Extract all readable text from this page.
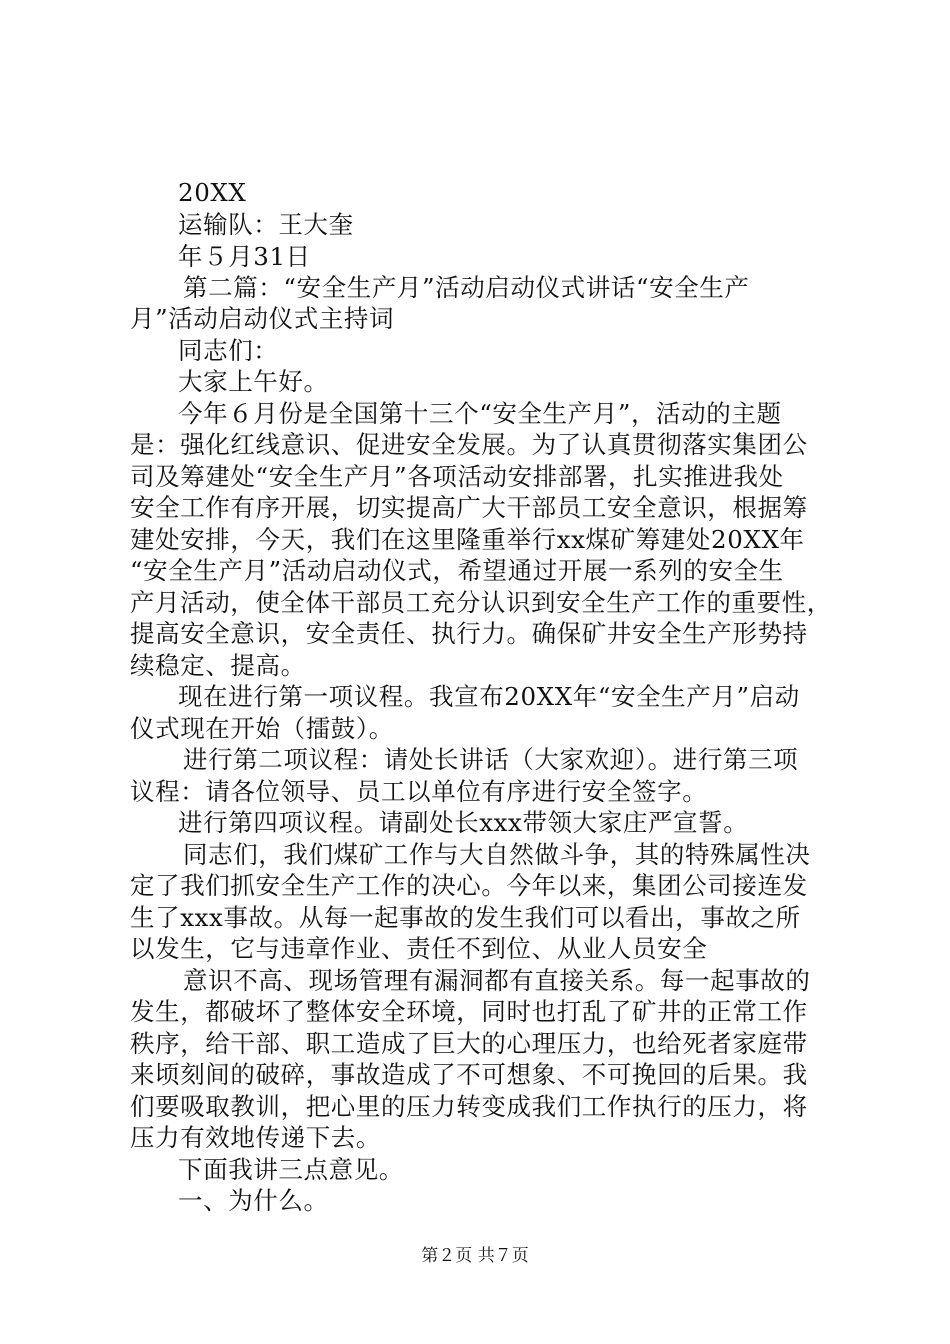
20XX
运输队：王大奎
年５月31日
第二篇：“安全生产月”活动启动仪式讲话“安全生产
月”活动启动仪式主持词
同志们：
大家上午好。
今年６月份是全国第十三个“安全生产月”，活动的主题
是：强化红线意识、促进安全发展。为了认真贯彻落实集团公
司及筹建处“安全生产月”各项活动安排部署，扎实推进我处
安全工作有序开展，切实提高广大干部员工安全意识，根据筹
建处安排，今天，我们在这里隆重举行xx煤矿筹建处20XX年
“安全生产月”活动启动仪式，希望通过开展一系列的安全生
产月活动，使全体干部员工充分认识到安全生产工作的重要性，
提高安全意识，安全责任、执行力。确保矿井安全生产形势持
续稳定、提高。
现在进行第一项议程。我宣布20XX年“安全生产月”启动
仪式现在开始（擂鼓）。
进行第二项议程：请处长讲话（大家欢迎）。进行第三项
议程：请各位领导、员工以单位有序进行安全签字。
进行第四项议程。请副处长xxx带领大家庄严宣誓。
同志们，我们煤矿工作与大自然做斗争，其的特殊属性决
定了我们抓安全生产工作的决心。今年以来，集团公司接连发
生了xxx事故。从每一起事故的发生我们可以看出，事故之所
以发生，它与违章作业、责任不到位、从业人员安全
意识不高、现场管理有漏洞都有直接关系。每一起事故的
发生，都破坏了整体安全环境，同时也打乱了矿井的正常工作
秩序，给干部、职工造成了巨大的心理压力，也给死者家庭带
来顷刻间的破碎，事故造成了不可想象、不可挽回的后果。我
们要吸取教训，把心里的压力转变成我们工作执行的压力，将
压力有效地传递下去。
下面我讲三点意见。
一、为什么。
第２页 共７页
